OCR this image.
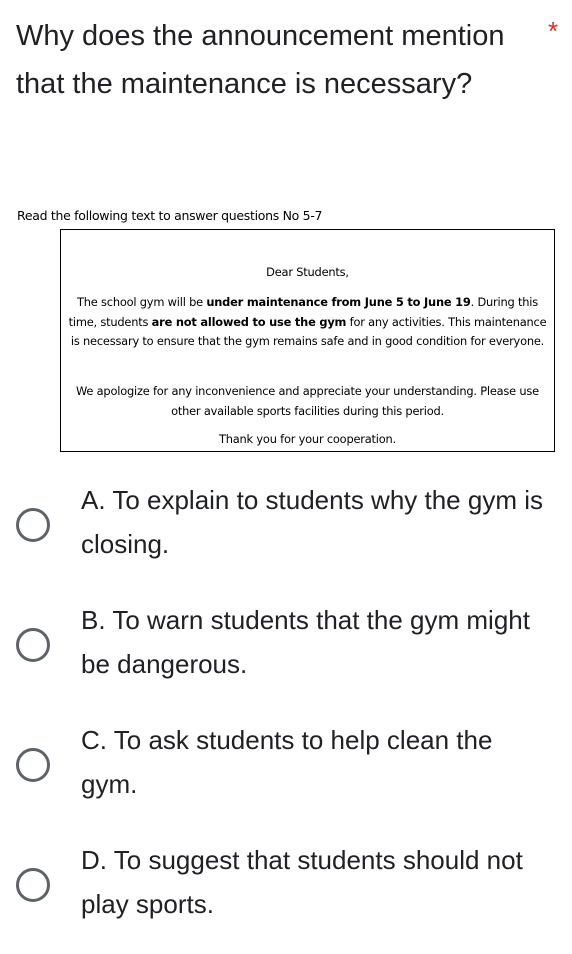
Why does the announcement mention that the maintenance is necessary?
*
Read the following text to answer questions No 5-7
Dear Students,
The school gym will be under maintenance from June 5 to June 19. During this time, students are not allowed to use the gym for any activities. This maintenance is necessary to ensure that the gym remains safe and in good condition for everyone.
We apologize for any inconvenience and appreciate your understanding. Please use other available sports facilities during this period.
Thank you for your cooperation.
A. To explain to students why the gym is closing.
B. To warn students that the gym might be dangerous.
C. To ask students to help clean the gym.
D. To suggest that students should not play sports.
